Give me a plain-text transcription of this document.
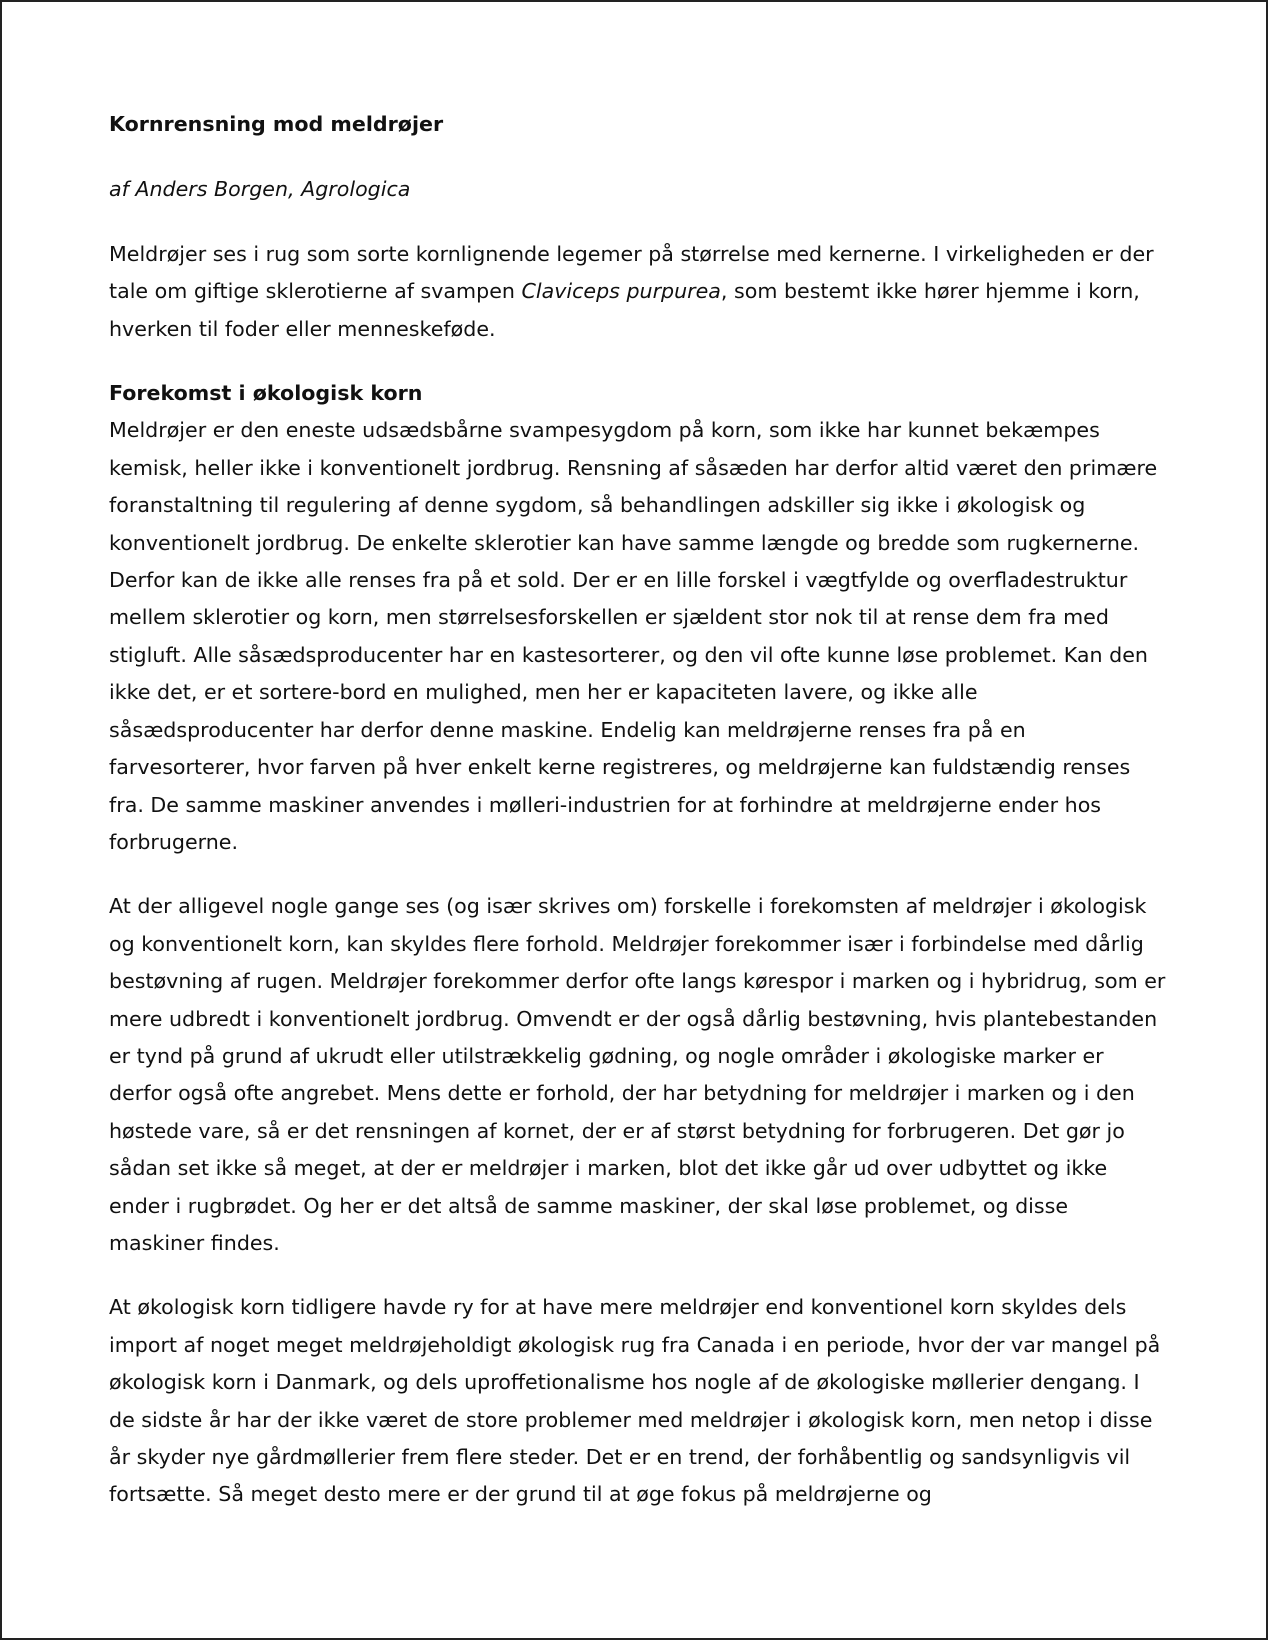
Kornrensning mod meldrøjer

af Anders Borgen, Agrologica

Meldrøjer ses i rug som sorte kornlignende legemer på størrelse med kernerne. I virkeligheden er der tale om giftige sklerotierne af svampen Claviceps purpurea, som bestemt ikke hører hjemme i korn, hverken til foder eller menneskeføde.

Forekomst i økologisk korn

Meldrøjer er den eneste udsædsbårne svampesygdom på korn, som ikke har kunnet bekæmpes kemisk, heller ikke i konventionelt jordbrug. Rensning af såsæden har derfor altid været den primære foranstaltning til regulering af denne sygdom, så behandlingen adskiller sig ikke i økologisk og konventionelt jordbrug. De enkelte sklerotier kan have samme længde og bredde som rugkernerne. Derfor kan de ikke alle renses fra på et sold. Der er en lille forskel i vægtfylde og overfladestruktur mellem sklerotier og korn, men størrelsesforskellen er sjældent stor nok til at rense dem fra med stigluft. Alle såsædsproducenter har en kastesorterer, og den vil ofte kunne løse problemet. Kan den ikke det, er et sortere-bord en mulighed, men her er kapaciteten lavere, og ikke alle såsædsproducenter har derfor denne maskine. Endelig kan meldrøjerne renses fra på en farvesorterer, hvor farven på hver enkelt kerne registreres, og meldrøjerne kan fuldstændig renses fra. De samme maskiner anvendes i mølleri-industrien for at forhindre at meldrøjerne ender hos forbrugerne.

At der alligevel nogle gange ses (og især skrives om) forskelle i forekomsten af meldrøjer i økologisk og konventionelt korn, kan skyldes flere forhold. Meldrøjer forekommer især i forbindelse med dårlig bestøvning af rugen. Meldrøjer forekommer derfor ofte langs kørespor i marken og i hybridrug, som er mere udbredt i konventionelt jordbrug. Omvendt er der også dårlig bestøvning, hvis plantebestanden er tynd på grund af ukrudt eller utilstrækkelig gødning, og nogle områder i økologiske marker er derfor også ofte angrebet. Mens dette er forhold, der har betydning for meldrøjer i marken og i den høstede vare, så er det rensningen af kornet, der er af størst betydning for forbrugeren. Det gør jo sådan set ikke så meget, at der er meldrøjer i marken, blot det ikke går ud over udbyttet og ikke ender i rugbrødet. Og her er det altså de samme maskiner, der skal løse problemet, og disse maskiner findes.

At økologisk korn tidligere havde ry for at have mere meldrøjer end konventionel korn skyldes dels import af noget meget meldrøjeholdigt økologisk rug fra Canada i en periode, hvor der var mangel på økologisk korn i Danmark, og dels uproffetionalisme hos nogle af de økologiske møllerier dengang. I de sidste år har der ikke været de store problemer med meldrøjer i økologisk korn, men netop i disse år skyder nye gårdmøllerier frem flere steder. Det er en trend, der forhåbentlig og sandsynligvis vil fortsætte. Så meget desto mere er der grund til at øge fokus på meldrøjerne og
